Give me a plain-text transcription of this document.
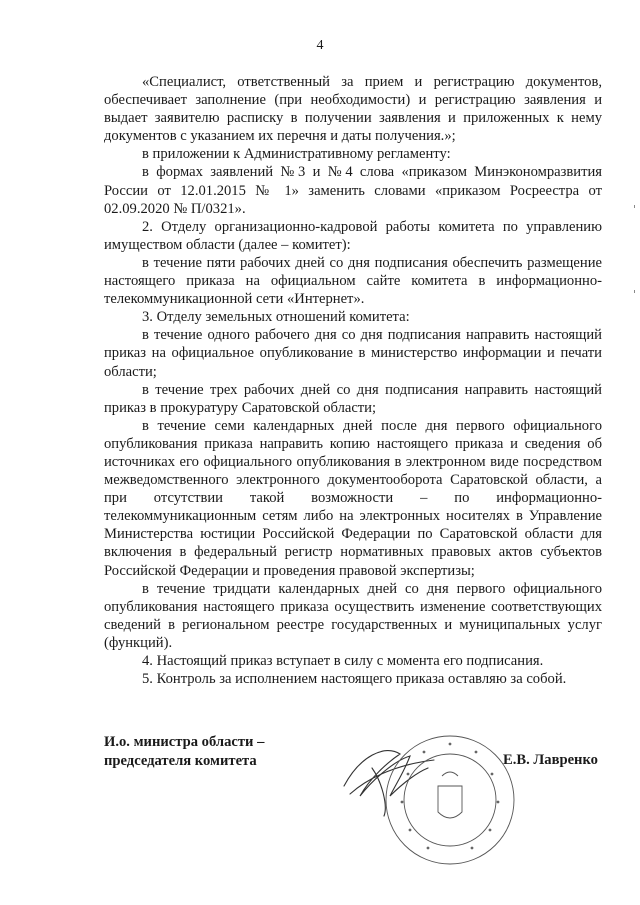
4

«Специалист, ответственный за прием и регистрацию документов, обеспечивает заполнение (при необходимости) и регистрацию заявления и выдает заявителю расписку в получении заявления и приложенных к нему документов с указанием их перечня и даты получения.»;

в приложении к Административному регламенту:

в формах заявлений №3 и №4 слова «приказом Минэкономразвития России от 12.01.2015 № 1» заменить словами «приказом Росреестра от 02.09.2020 № П/0321».

2. Отделу организационно-кадровой работы комитета по управлению имуществом области (далее – комитет):

в течение пяти рабочих дней со дня подписания обеспечить размещение настоящего приказа на официальном сайте комитета в информационно-телекоммуникационной сети «Интернет».

3. Отделу земельных отношений комитета:

в течение одного рабочего дня со дня подписания направить настоящий приказ на официальное опубликование в министерство информации и печати области;

в течение трех рабочих дней со дня подписания направить настоящий приказ в прокуратуру Саратовской области;

в течение семи календарных дней после дня первого официального опубликования приказа направить копию настоящего приказа и сведения об источниках его официального опубликования в электронном виде посредством межведомственного электронного документооборота Саратовской области, а при отсутствии такой возможности – по информационно-телекоммуникационным сетям либо на электронных носителях в Управление Министерства юстиции Российской Федерации по Саратовской области для включения в федеральный регистр нормативных правовых актов субъектов Российской Федерации и проведения правовой экспертизы;

в течение тридцати календарных дней со дня первого официального опубликования настоящего приказа осуществить изменение соответствующих сведений в региональном реестре государственных и муниципальных услуг (функций).

4. Настоящий приказ вступает в силу с момента его подписания.

5. Контроль за исполнением настоящего приказа оставляю за собой.

И.о. министра области –
председателя комитета	Е.В. Лавренко
